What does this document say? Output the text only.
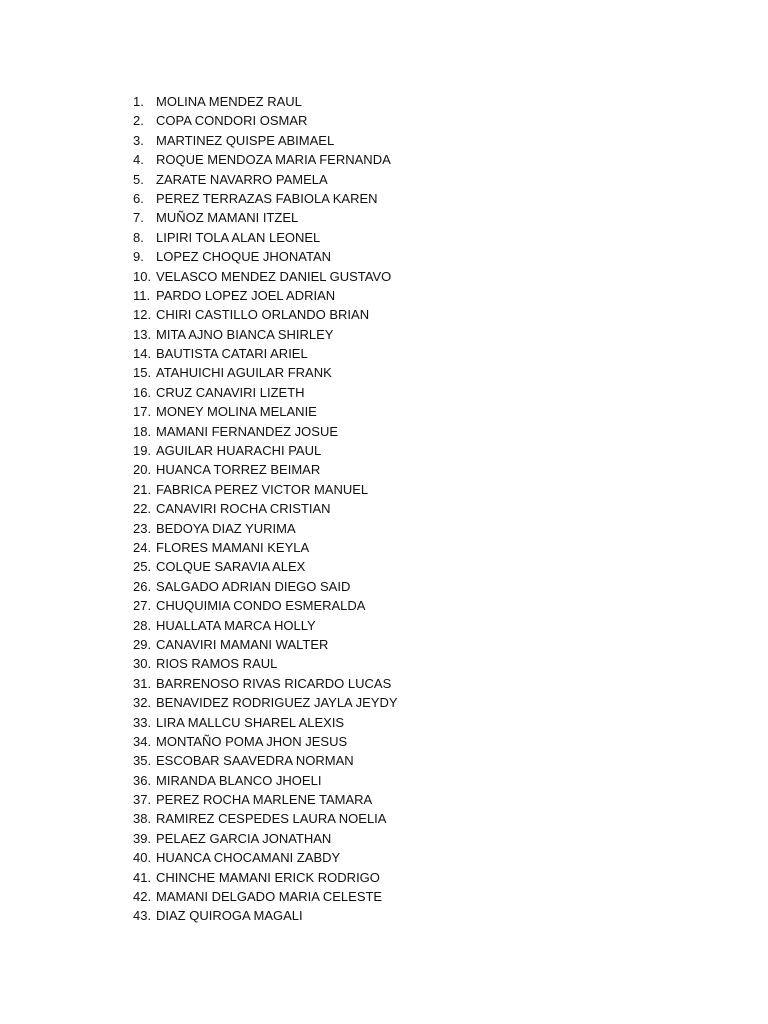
1. MOLINA MENDEZ RAUL
2. COPA CONDORI OSMAR
3. MARTINEZ QUISPE ABIMAEL
4. ROQUE MENDOZA MARIA FERNANDA
5. ZARATE NAVARRO PAMELA
6. PEREZ TERRAZAS FABIOLA KAREN
7. MUÑOZ MAMANI ITZEL
8. LIPIRI TOLA ALAN LEONEL
9. LOPEZ CHOQUE JHONATAN
10. VELASCO MENDEZ DANIEL GUSTAVO
11. PARDO LOPEZ JOEL ADRIAN
12. CHIRI CASTILLO ORLANDO BRIAN
13. MITA AJNO BIANCA SHIRLEY
14. BAUTISTA CATARI ARIEL
15. ATAHUICHI AGUILAR FRANK
16. CRUZ CANAVIRI LIZETH
17. MONEY MOLINA MELANIE
18. MAMANI FERNANDEZ JOSUE
19. AGUILAR HUARACHI PAUL
20. HUANCA TORREZ BEIMAR
21. FABRICA PEREZ VICTOR MANUEL
22. CANAVIRI ROCHA CRISTIAN
23. BEDOYA DIAZ YURIMA
24. FLORES MAMANI KEYLA
25. COLQUE SARAVIA ALEX
26. SALGADO ADRIAN DIEGO SAID
27. CHUQUIMIA CONDO ESMERALDA
28. HUALLATA MARCA HOLLY
29. CANAVIRI MAMANI WALTER
30. RIOS RAMOS RAUL
31. BARRENOSO RIVAS RICARDO LUCAS
32. BENAVIDEZ RODRIGUEZ JAYLA JEYDY
33. LIRA MALLCU SHAREL ALEXIS
34. MONTAÑO POMA JHON JESUS
35. ESCOBAR SAAVEDRA NORMAN
36. MIRANDA BLANCO JHOELI
37. PEREZ ROCHA MARLENE TAMARA
38. RAMIREZ CESPEDES LAURA NOELIA
39. PELAEZ GARCIA JONATHAN
40. HUANCA CHOCAMANI ZABDY
41. CHINCHE MAMANI ERICK RODRIGO
42. MAMANI DELGADO MARIA CELESTE
43. DIAZ QUIROGA MAGALI
